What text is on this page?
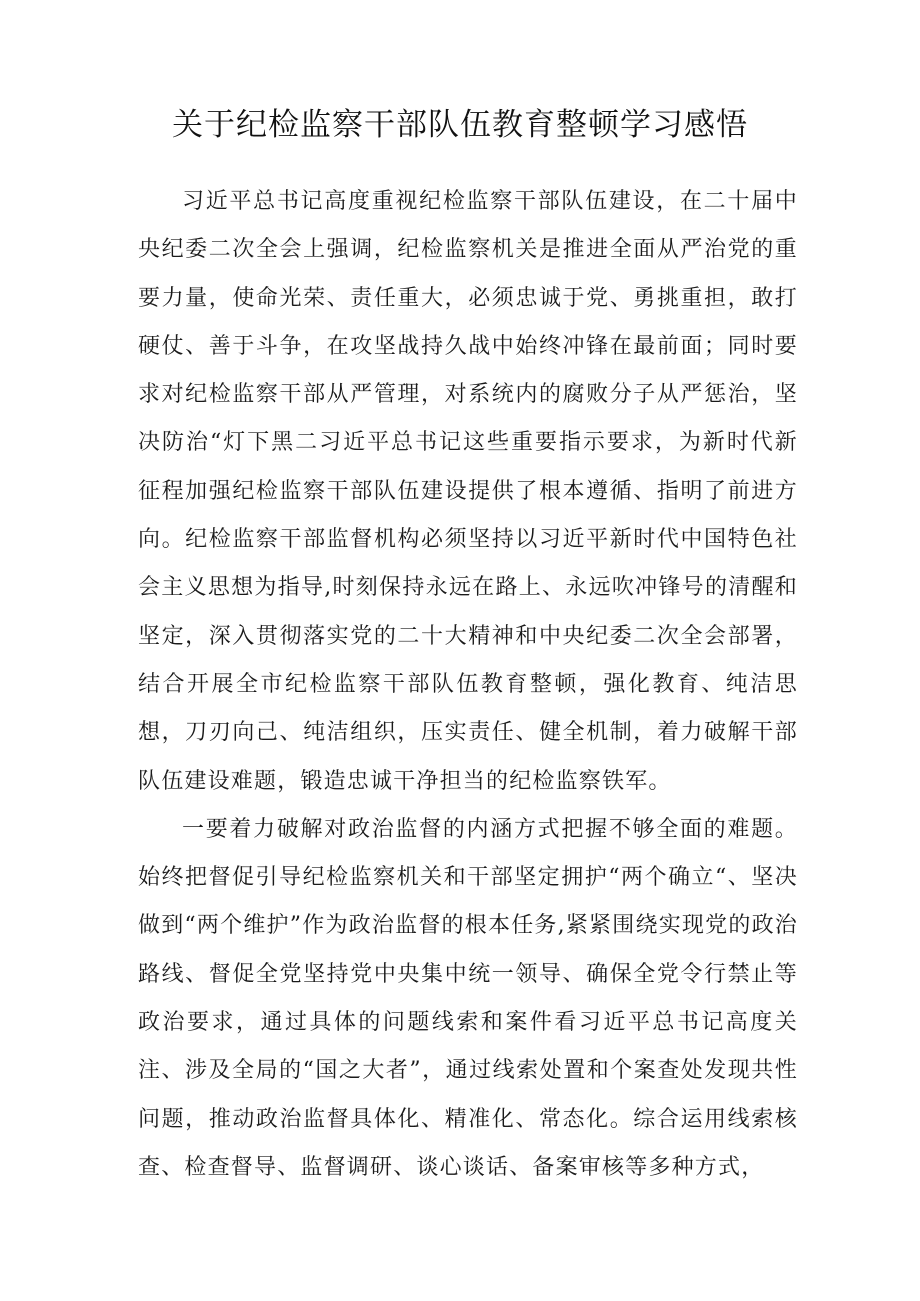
关于纪检监察干部队伍教育整顿学习感悟

习近平总书记高度重视纪检监察干部队伍建设，在二十届中央纪委二次全会上强调，纪检监察机关是推进全面从严治党的重要力量，使命光荣、责任重大，必须忠诚于党、勇挑重担，敢打硬仗、善于斗争，在攻坚战持久战中始终冲锋在最前面；同时要求对纪检监察干部从严管理，对系统内的腐败分子从严惩治，坚决防治“灯下黑二习近平总书记这些重要指示要求，为新时代新征程加强纪检监察干部队伍建设提供了根本遵循、指明了前进方向。纪检监察干部监督机构必须坚持以习近平新时代中国特色社会主义思想为指导,时刻保持永远在路上、永远吹冲锋号的清醒和坚定，深入贯彻落实党的二十大精神和中央纪委二次全会部署，结合开展全市纪检监察干部队伍教育整顿，强化教育、纯洁思想，刀刃向己、纯洁组织，压实责任、健全机制，着力破解干部队伍建设难题，锻造忠诚干净担当的纪检监察铁军。

一要着力破解对政治监督的内涵方式把握不够全面的难题。始终把督促引导纪检监察机关和干部坚定拥护“两个确立“、坚决做到“两个维护”作为政治监督的根本任务,紧紧围绕实现党的政治路线、督促全党坚持党中央集中统一领导、确保全党令行禁止等政治要求，通过具体的问题线索和案件看习近平总书记高度关注、涉及全局的“国之大者”，通过线索处置和个案查处发现共性问题，推动政治监督具体化、精准化、常态化。综合运用线索核查、检查督导、监督调研、谈心谈话、备案审核等多种方式，
